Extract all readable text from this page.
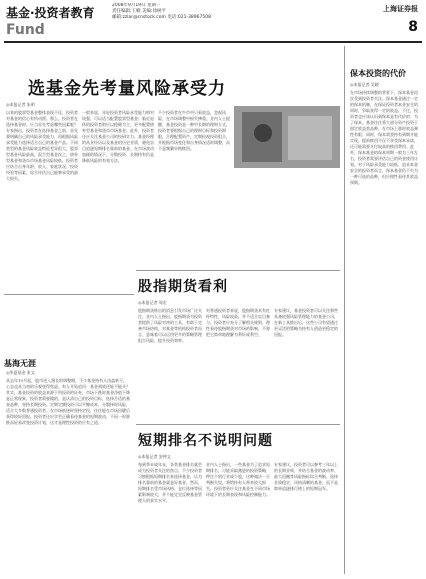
基金·投资者教育
Fund
2008年9月19日 星期一
责任编辑:王楠 美编:徐树平
邮箱:zzlar@cnstock.com 电话:021-38967508
上海证券报
8
选基金先考量风险承受力
◎本报记者 朱明
以来的股票型基金整体表现不佳，投资者对基金的信心有所动摇。那么，投资者在选择基金时，应当首先考虑哪些因素呢？专家指出，投资者在选择基金之前，首先要明确自己的风险承受能力，再根据风险承受能力选择适合自己的基金产品。不同类型的基金风险收益特征差异很大，股票型基金风险最高，混合型基金次之，债券型基金和货币市场基金风险较低。投资者应结合自身年龄、收入、家庭状况、投资经验等因素，综合评估自己能够承受的最大损失。
一般来说，年轻投资者风险承受能力相对较强，可以适当配置股票型基金；临近退休的投资者则应以稳健为主，更多配置债券型基金和货币市场基金。此外，投资者还应关注基金公司的投研实力、基金经理的从业经历以及基金的历史业绩，避免盲目追逐短期排名靠前的基金。在市场波动加剧的情况下，分散投资、长期持有仍是降低风险的有效方法。
不少投资者在牛市中只看收益，忽视风险，在市场调整中损失惨重。业内人士提醒，基金投资是一种中长期的理财方式，投资者要根据自己的理财目标和投资期限，合理配置资产，定期检视投资组合，并根据市场变化和自身情况适时调整，而不是频繁申购赎回。
基海无涯
◎华夏基金 张文
从去年10月起，股市进入漫长的调整期，不少基金持有人由盈转亏，心态也从当初的乐观变得焦虑。有人开始追问：基金到底还能不能买？其实，基金投资的收益来源于所投资的证券，市场下跌时基金净值下降是正常现象。投资者需要做的，是认清自己的投资目标，选择合适的基金品种，坚持长期投资。定期定额投资可以平摊成本，分散择时风险，适合大多数普通投资者。在市场低迷时坚持定投，往往能在市场回暖后获得较好回报。投资者还应学会正确看待基金的短期波动，不因一时涨跌而轻易改变投资计划，这才是理性投资的应有之道。
股指期货看利
◎本报记者 周宏
股指期货推出的消息引发市场广泛关注。业内人士指出，股指期货为投资者提供了风险对冲的工具，有助于完善市场结构，对基金等机构投资者而言，意味着可以运用更多的策略管理组合风险，提升投资效率。
对普通投资者来说，股指期货具有杠杆特性，风险较高，并不适合盲目参与。投资者应充分了解相关规则，理性看待股指期货对市场的影响，不要把它简单地理解为利好或利空。
专家建议，基金投资者可以关注那些具备较强风险管理能力的基金公司，在新工具推出后，这些公司有望通过更灵活的策略为持有人创造更稳定的回报。
短期排名不说明问题
◎本报记者 安仲文
每到季末或年末，各类基金排名就会成为投资者关注的焦点。不少投资者习惯根据短期排名来选择基金，认为排名靠前的基金就是好基金。然而，短期排名受市场风格、仓位选择等因素影响较大，并不能完全反映基金管理人的真实水平。
业内人士指出，一些基金为了追求短期排名，可能采取激进的投资策略，押注个别行业或个股，这种做法一旦判断失误，将给持有人带来较大损失。投资者更应关注基金在不同市场环境下的长期表现和风险控制能力。
专家建议，投资者可以参考三年以上的长期业绩，并结合基金的波动率、最大回撤等风险指标综合判断，选择业绩稳定、风格清晰的基金，而不是简单追逐排行榜上的短期冠军。
保本投资的代价
◎本报记者 吴晓
在市场持续调整的背景下，保本基金再次受到投资者关注。保本基金通过一定的保本机制，在保证投资者本金安全的同时，争取获得一定的收益。不过，投资者也应该认识到保本是有代价的：为了保本，基金往往将大部分资产投资于固定收益类品种，在市场上涨时收益弹性有限；同时，保本需要持有到期才能实现，提前赎回不仅不享受保本承诺，还可能需要支付较高的赎回费用。此外，保本基金的保本周期一般为三年左右，投资者需要评估自己的资金使用计划。对于风险承受能力较低、追求本金安全的投资者而言，保本基金仍不失为一种可选的品种，但应理性看待其收益预期。
